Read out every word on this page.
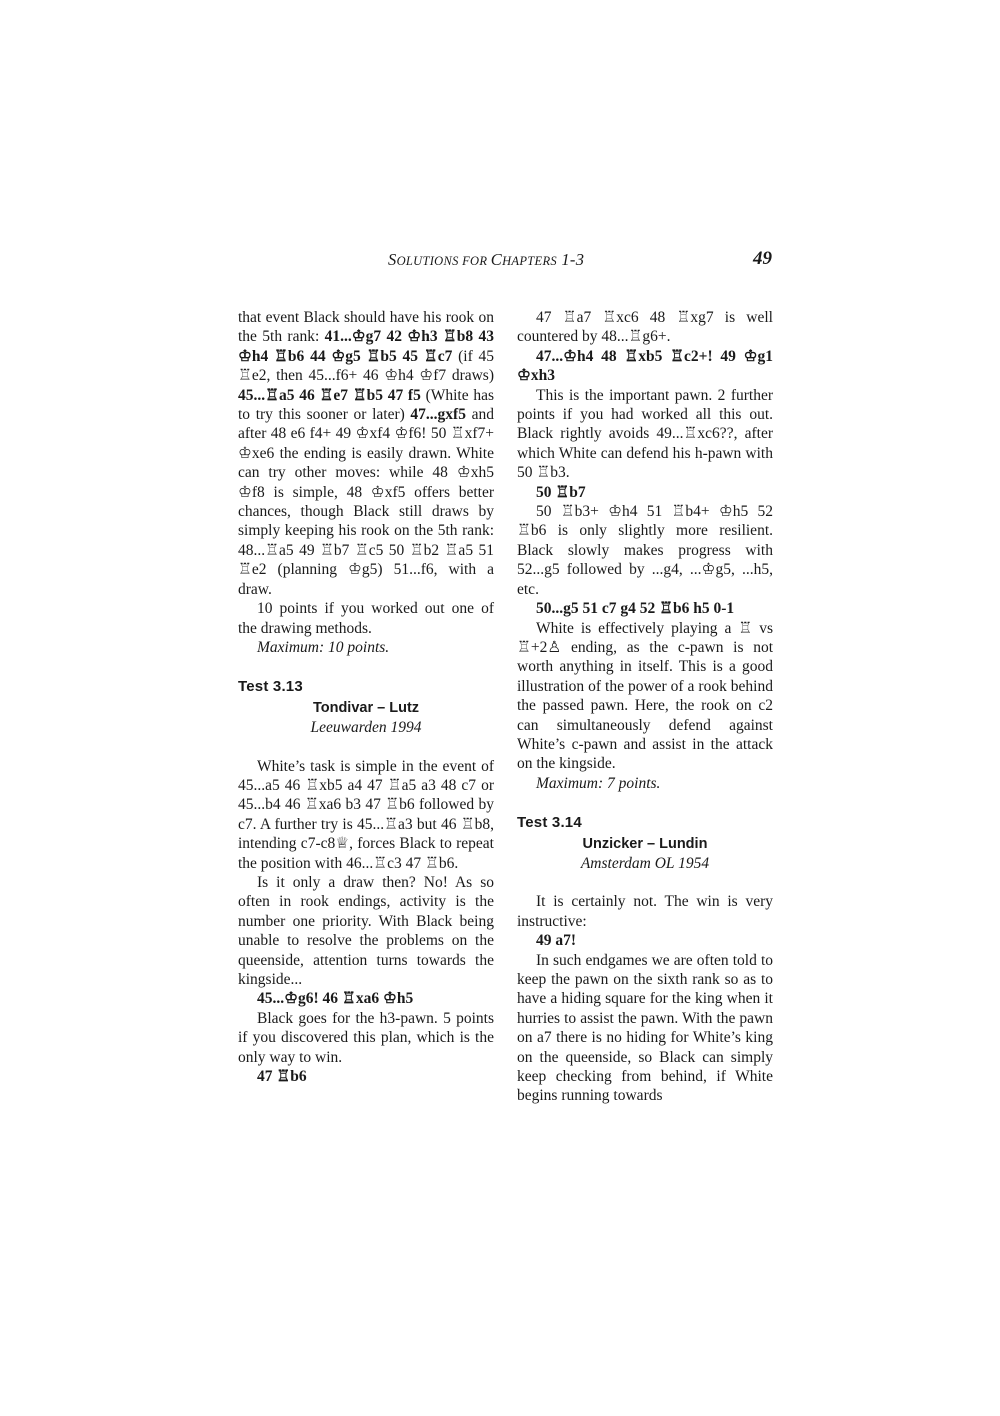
SOLUTIONS FOR CHAPTERS 1-3	49

that event Black should have his rook on the 5th rank: 41...♔g7 42 ♔h3 ♖b8 43 ♔h4 ♖b6 44 ♔g5 ♖b5 45 ♖c7 (if 45 ♖e2, then 45...f6+ 46 ♔h4 ♔f7 draws) 45...♖a5 46 ♖e7 ♖b5 47 f5 (White has to try this sooner or later) 47...gxf5 and after 48 e6 f4+ 49 ♔xf4 ♔f6! 50 ♖xf7+ ♔xe6 the ending is easily drawn. White can try other moves: while 48 ♔xh5 ♔f8 is simple, 48 ♔xf5 offers better chances, though Black still draws by simply keeping his rook on the 5th rank: 48...♖a5 49 ♖b7 ♖c5 50 ♖b2 ♖a5 51 ♖e2 (planning ♔g5) 51...f6, with a draw.

10 points if you worked out one of the drawing methods.

Maximum: 10 points.

Test 3.13

Tondivar – Lutz

Leeuwarden 1994

White’s task is simple in the event of 45...a5 46 ♖xb5 a4 47 ♖a5 a3 48 c7 or 45...b4 46 ♖xa6 b3 47 ♖b6 followed by c7. A further try is 45...♖a3 but 46 ♖b8, intending c7-c8♕, forces Black to repeat the position with 46...♖c3 47 ♖b6.

Is it only a draw then? No! As so often in rook endings, activity is the number one priority. With Black being unable to resolve the problems on the queenside, attention turns towards the kingside...

45...♔g6! 46 ♖xa6 ♔h5

Black goes for the h3-pawn. 5 points if you discovered this plan, which is the only way to win.

47 ♖b6

47 ♖a7 ♖xc6 48 ♖xg7 is well countered by 48...♖g6+.

47...♔h4 48 ♖xb5 ♖c2+! 49 ♔g1 ♔xh3

This is the important pawn. 2 further points if you had worked all this out. Black rightly avoids 49...♖xc6??, after which White can defend his h-pawn with 50 ♖b3.

50 ♖b7

50 ♖b3+ ♔h4 51 ♖b4+ ♔h5 52 ♖b6 is only slightly more resilient. Black slowly makes progress with 52...g5 followed by ...g4, ...♔g5, ...h5, etc.

50...g5 51 c7 g4 52 ♖b6 h5 0-1

White is effectively playing a ♖ vs ♖+2♙ ending, as the c-pawn is not worth anything in itself. This is a good illustration of the power of a rook behind the passed pawn. Here, the rook on c2 can simultaneously defend against White’s c-pawn and assist in the attack on the kingside.

Maximum: 7 points.

Test 3.14

Unzicker – Lundin

Amsterdam OL 1954

It is certainly not. The win is very instructive:

49 a7!

In such endgames we are often told to keep the pawn on the sixth rank so as to have a hiding square for the king when it hurries to assist the pawn. With the pawn on a7 there is no hiding for White’s king on the queenside, so Black can simply keep checking from behind, if White begins running towards
